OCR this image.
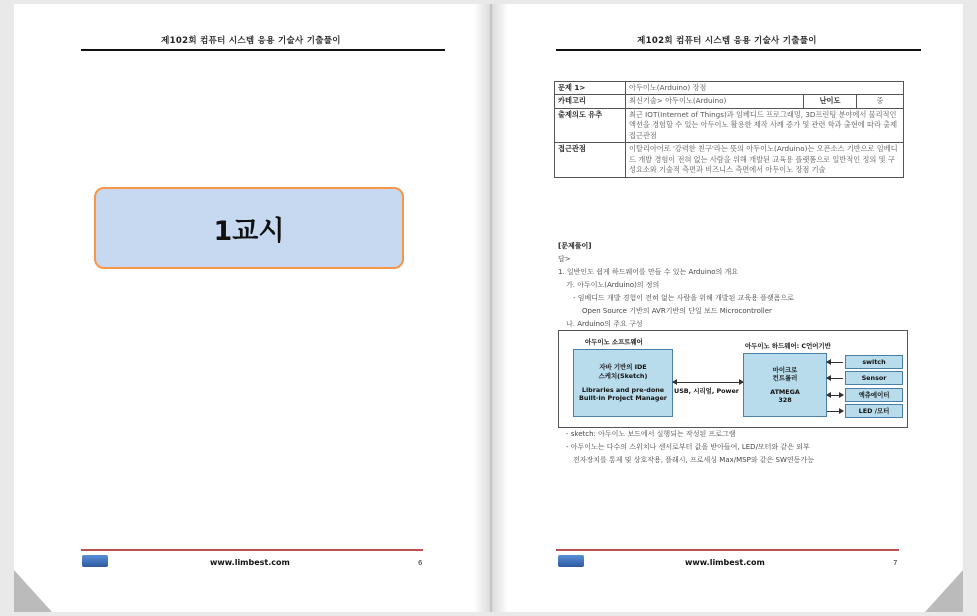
제102회 컴퓨터 시스템 응용 기술사 기출풀이
1교시
www.limbest.com	6
제102회 컴퓨터 시스템 응용 기술사 기출풀이
문제 1>	아두이노(Arduino) 장점		
카테고리	최신기술> 아두이노(Arduino)	난이도	중
출제의도 유추	최근 IOT(Internet of Things)과 임베디드 프로그래밍, 3D프린팅 분야에서 물리적인 액션을 경험할 수 있는 아두이노 활용한 제작 사례 증가 및 관련 학과 출현에 따라 출제접근관점		
접근관점	이탈리아어로 '강력한 친구'라는 뜻의 아두이노(Arduino)는 오픈소스 기반으로 임베디드 개발 경험이 전혀 없는 사람을 위해 개발된 교육용 플랫폼으로 일반적인 정의 및 구성요소와 기술적 측면과 비즈니스 측면에서 아두이노 장점 기술		
[문제풀이]
답>
1. 일반인도 쉽게 하드웨어를 만들 수 있는 Arduino의 개요
가. 아두이노(Arduino)의 정의
- 임베디드 개발 경험이 전혀 없는 사람을 위해 개발된 교육용 플랫폼으로
Open Source 기반의 AVR기반의 단일 보드 Microcontroller
나. Arduino의 주요 구성
아두이노 소프트웨어	아두이노 하드웨어: C언어기반
자바 기반의 IDE
스케치(Sketch)
Libraries and pre-done
Built-in Project Manager
USB, 시리얼, Power
마이크로
컨트롤러
ATMEGA
328
switch
Sensor
액츄에이터
LED /모터
- sketch: 아두이노 보드에서 실행되는 작성된 프로그램
- 아두이노는 다수의 스위치나 센서로부터 값을 받아들여, LED/모터와 같은 외부
전자장치를 통제 및 상호작용, 플래시, 프로세싱 Max/MSP와 같은 SW연동가능
www.limbest.com	7
